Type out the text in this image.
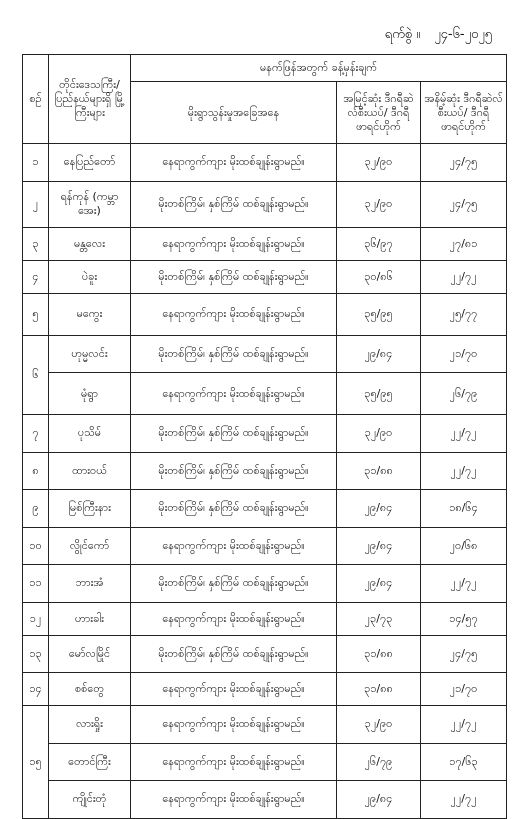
ရက်စွဲ ။ ၂၄-၆-၂၀၂၅
စဉ်	တိုင်းဒေသကြီး/ ပြည်နယ်များရှိ မြို့ကြီးများ	မနက်ဖြန်အတွက် ခန့်မှန်းချက်		
		မိုးရွာသွန်းမှုအခြေအနေ	အမြင့်ဆုံး ဒီဂရီဆဲလ်စီးယပ်/ ဒီဂရီဖာရင်ဟိုက်	အနိမ့်ဆုံး ဒီဂရီဆဲလ်စီးယပ်/ ဒီဂရီဖာရင်ဟိုက်
၁	နေပြည်တော်	နေရာကွက်ကျား မိုးထစ်ချုန်းရွာမည်။	၃၂/၉၀	၂၄/၇၅
၂	ရန်ကုန် (ကမ္ဘာအေး)	မိုးတစ်ကြိမ်၊ နှစ်ကြိမ် ထစ်ချုန်းရွာမည်။	၃၂/၉၀	၂၄/၇၅
၃	မန္တလေး	နေရာကွက်ကျား မိုးထစ်ချုန်းရွာမည်။	၃၆/၉၇	၂၇/၈၁
၄	ပဲခူး	မိုးတစ်ကြိမ်၊ နှစ်ကြိမ် ထစ်ချုန်းရွာမည်။	၃၀/၈၆	၂၂/၇၂
၅	မကွေး	နေရာကွက်ကျား မိုးထစ်ချုန်းရွာမည်။	၃၅/၉၅	၂၅/၇၇
၆	ဟုမ္မလင်း	မိုးတစ်ကြိမ်၊ နှစ်ကြိမ် ထစ်ချုန်းရွာမည်။	၂၉/၈၄	၂၁/၇၀
	မုံရွာ	နေရာကွက်ကျား မိုးထစ်ချုန်းရွာမည်။	၃၅/၉၅	၂၆/၇၉
၇	ပုသိမ်	မိုးတစ်ကြိမ်၊ နှစ်ကြိမ် ထစ်ချုန်းရွာမည်။	၃၂/၉၀	၂၂/၇၂
၈	ထားဝယ်	မိုးတစ်ကြိမ်၊ နှစ်ကြိမ် ထစ်ချုန်းရွာမည်။	၃၁/၈၈	၂၂/၇၂
၉	မြစ်ကြီးနား	မိုးတစ်ကြိမ်၊ နှစ်ကြိမ် ထစ်ချုန်းရွာမည်။	၂၉/၈၄	၁၈/၆၄
၁၀	လွိုင်ကော်	နေရာကွက်ကျား မိုးထစ်ချုန်းရွာမည်။	၂၉/၈၄	၂၀/၆၈
၁၁	ဘားအံ	မိုးတစ်ကြိမ်၊ နှစ်ကြိမ် ထစ်ချုန်းရွာမည်။	၂၉/၈၄	၂၂/၇၂
၁၂	ဟားခါး	နေရာကွက်ကျား မိုးထစ်ချုန်းရွာမည်။	၂၃/၇၃	၁၄/၅၇
၁၃	မော်လမြိုင်	မိုးတစ်ကြိမ်၊ နှစ်ကြိမ် ထစ်ချုန်းရွာမည်။	၃၁/၈၈	၂၄/၇၅
၁၄	စစ်တွေ	နေရာကွက်ကျား မိုးထစ်ချုန်းရွာမည်။	၃၁/၈၈	၂၁/၇၀
၁၅	လားရှိုး	နေရာကွက်ကျား မိုးထစ်ချုန်းရွာမည်။	၃၂/၉၀	၂၂/၇၂
	တောင်ကြီး	နေရာကွက်ကျား မိုးထစ်ချုန်းရွာမည်။	၂၆/၇၉	၁၇/၆၃
	ကျိုင်းတုံ	နေရာကွက်ကျား မိုးထစ်ချုန်းရွာမည်။	၂၉/၈၄	၂၂/၇၂
